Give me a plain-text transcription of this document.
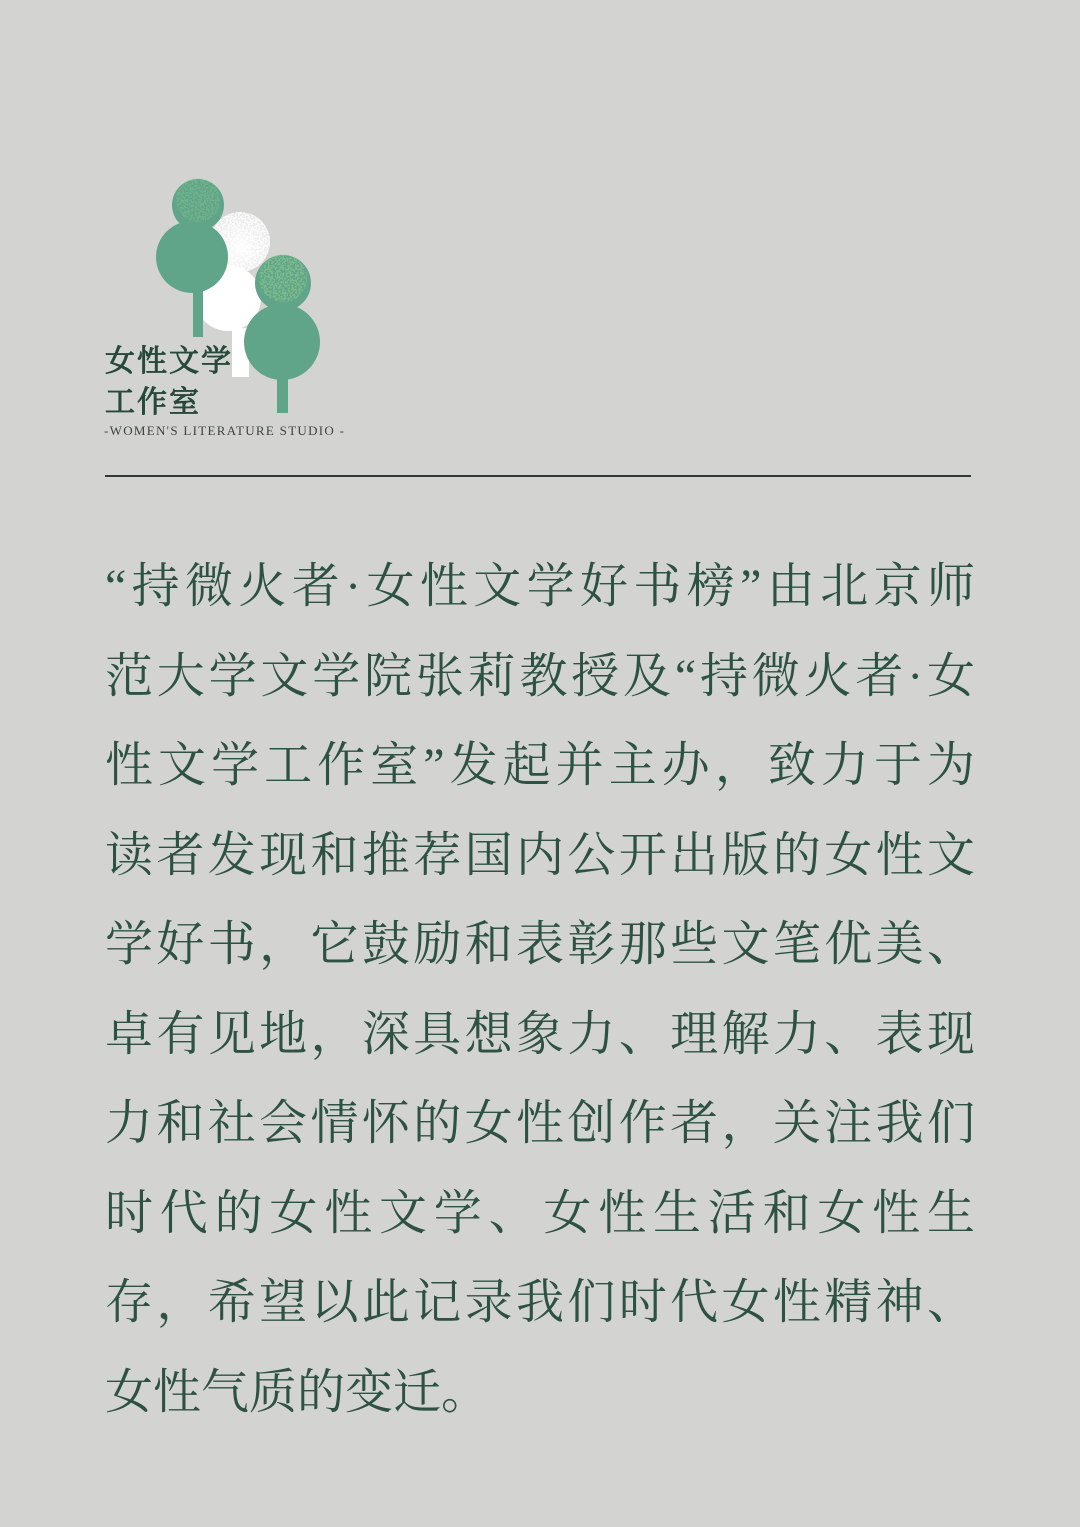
女性文学
工作室
-WOMEN'S LITERATURE STUDIO -
“持微火者·女性文学好书榜”由北京师
范大学文学院张莉教授及“持微火者·女
性文学工作室”发起并主办，致力于为
读者发现和推荐国内公开出版的女性文
学好书，它鼓励和表彰那些文笔优美、
卓有见地，深具想象力、理解力、表现
力和社会情怀的女性创作者，关注我们
时代的女性文学、女性生活和女性生
存，希望以此记录我们时代女性精神、
女性气质的变迁。
